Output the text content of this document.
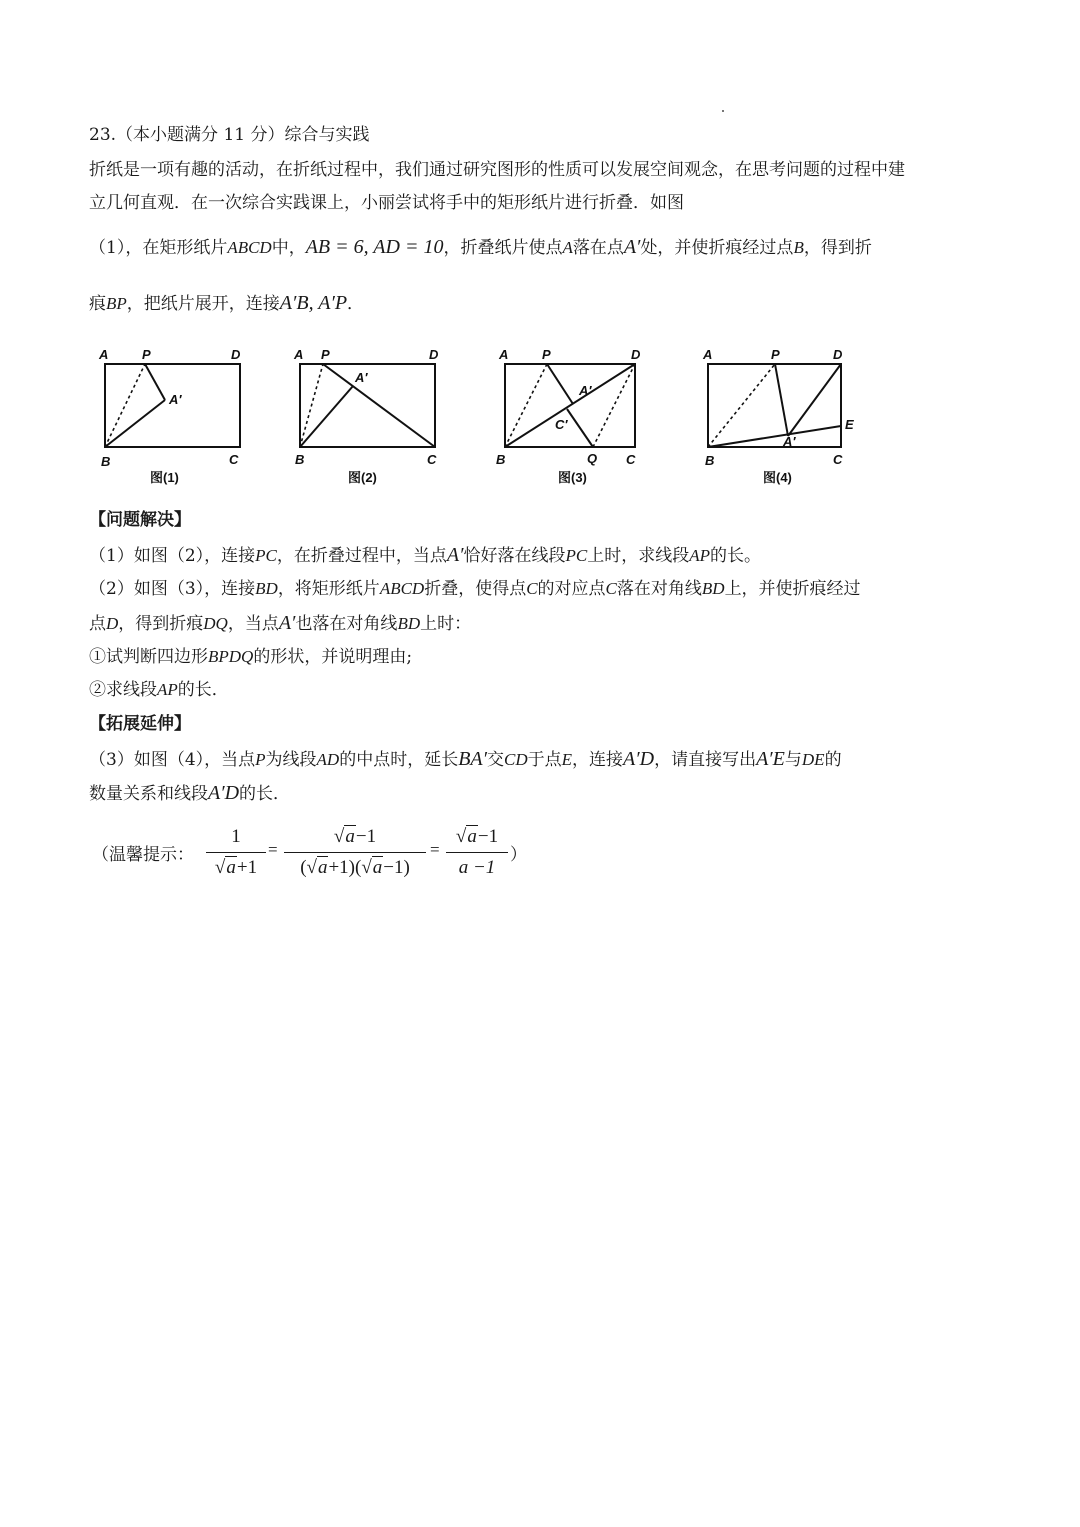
23.（本小题满分 11 分）综合与实践
折纸是一项有趣的活动，在折纸过程中，我们通过研究图形的性质可以发展空间观念，在思考问题的过程中建
立几何直观．在一次综合实践课上，小丽尝试将手中的矩形纸片进行折叠．如图
（1），在矩形纸片ABCD中，AB = 6, AD = 10，折叠纸片使点A落在点A′处，并使折痕经过点B，得到折
痕BP，把纸片展开，连接A′B, A′P．
A	P	D
A′
B	C
A P	D
A′
B	C
A	P	D
A′
C′
B	Q C
A	P	D
A′
E
B	C
图(1)	图(2)	图(3)	图(4)
【问题解决】
（1）如图（2），连接PC，在折叠过程中，当点A′恰好落在线段PC上时，求线段AP的长。
（2）如图（3），连接BD，将矩形纸片ABCD折叠，使得点C的对应点C落在对角线BD上，并使折痕经过
点D，得到折痕DQ，当点A′也落在对角线BD上时：
①试判断四边形BPDQ的形状，并说明理由;
②求线段AP的长．
【拓展延伸】
（3）如图（4），当点P为线段AD的中点时，延长BA′交CD于点E，连接A′D，请直接写出A′E与DE的
数量关系和线段A′D的长．
（温馨提示：
1
√a+1
=
√a−1
(√a+1)(√a−1)
=
√a−1
a −1
）
